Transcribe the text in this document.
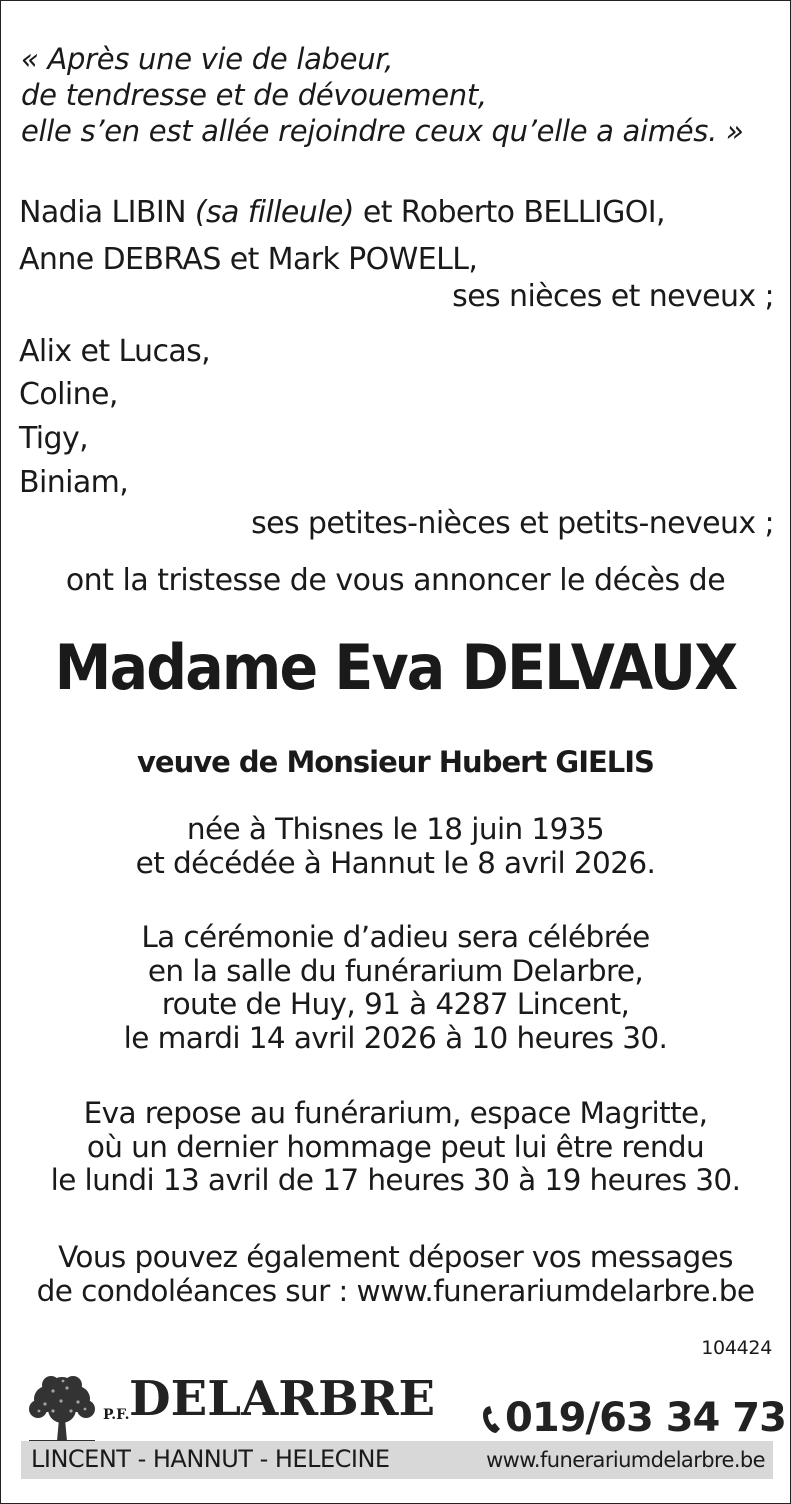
« Après une vie de labeur,
de tendresse et de dévouement,
elle s’en est allée rejoindre ceux qu’elle a aimés. »
Nadia LIBIN (sa filleule) et Roberto BELLIGOI,
Anne DEBRAS et Mark POWELL,
ses nièces et neveux ;
Alix et Lucas,
Coline,
Tigy,
Biniam,
ses petites-nièces et petits-neveux ;
ont la tristesse de vous annoncer le décès de
Madame Eva DELVAUX
veuve de Monsieur Hubert GIELIS
née à Thisnes le 18 juin 1935
et décédée à Hannut le 8 avril 2026.
La cérémonie d’adieu sera célébrée
en la salle du funérarium Delarbre,
route de Huy, 91 à 4287 Lincent,
le mardi 14 avril 2026 à 10 heures 30.
Eva repose au funérarium, espace Magritte,
où un dernier hommage peut lui être rendu
le lundi 13 avril de 17 heures 30 à 19 heures 30.
Vous pouvez également déposer vos messages
de condoléances sur : www.funerariumdelarbre.be
104424
P.F. DELARBRE 019/63 34 73
LINCENT - HANNUT - HELECINE	www.funerariumdelarbre.be
